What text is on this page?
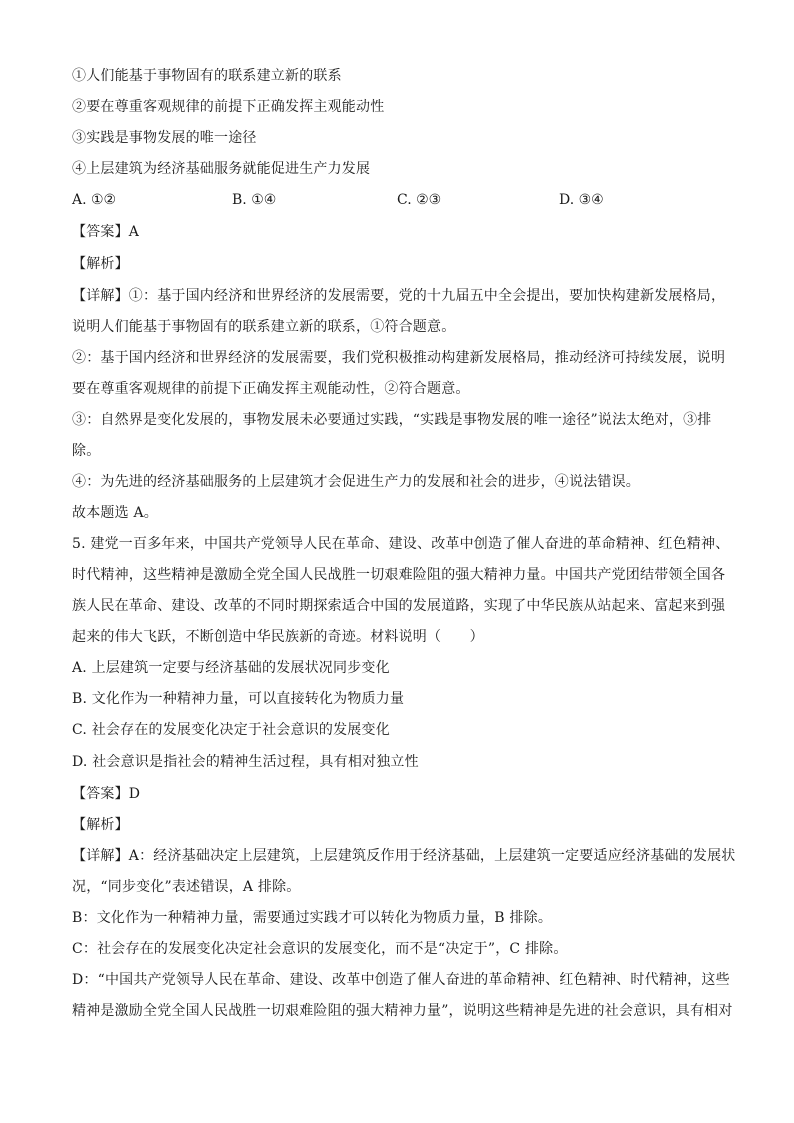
①人们能基于事物固有的联系建立新的联系
②要在尊重客观规律的前提下正确发挥主观能动性
③实践是事物发展的唯一途径
④上层建筑为经济基础服务就能促进生产力发展
A. ①②	B. ①④	C. ②③	D. ③④
【答案】A
【解析】
【详解】①：基于国内经济和世界经济的发展需要，党的十九届五中全会提出，要加快构建新发展格局，
说明人们能基于事物固有的联系建立新的联系，①符合题意。
②：基于国内经济和世界经济的发展需要，我们党积极推动构建新发展格局，推动经济可持续发展，说明
要在尊重客观规律的前提下正确发挥主观能动性，②符合题意。
③：自然界是变化发展的，事物发展未必要通过实践，“实践是事物发展的唯一途径”说法太绝对，③排
除。
④：为先进的经济基础服务的上层建筑才会促进生产力的发展和社会的进步，④说法错误。
故本题选 A。
5. 建党一百多年来，中国共产党领导人民在革命、建设、改革中创造了催人奋进的革命精神、红色精神、
时代精神，这些精神是激励全党全国人民战胜一切艰难险阻的强大精神力量。中国共产党团结带领全国各
族人民在革命、建设、改革的不同时期探索适合中国的发展道路，实现了中华民族从站起来、富起来到强
起来的伟大飞跃，不断创造中华民族新的奇迹。材料说明（　　）
A. 上层建筑一定要与经济基础的发展状况同步变化
B. 文化作为一种精神力量，可以直接转化为物质力量
C. 社会存在的发展变化决定于社会意识的发展变化
D. 社会意识是指社会的精神生活过程，具有相对独立性
【答案】D
【解析】
【详解】A：经济基础决定上层建筑，上层建筑反作用于经济基础，上层建筑一定要适应经济基础的发展状
况，“同步变化”表述错误，A 排除。
B：文化作为一种精神力量，需要通过实践才可以转化为物质力量，B 排除。
C：社会存在的发展变化决定社会意识的发展变化，而不是“决定于”，C 排除。
D：“中国共产党领导人民在革命、建设、改革中创造了催人奋进的革命精神、红色精神、时代精神，这些
精神是激励全党全国人民战胜一切艰难险阻的强大精神力量”，说明这些精神是先进的社会意识，具有相对
